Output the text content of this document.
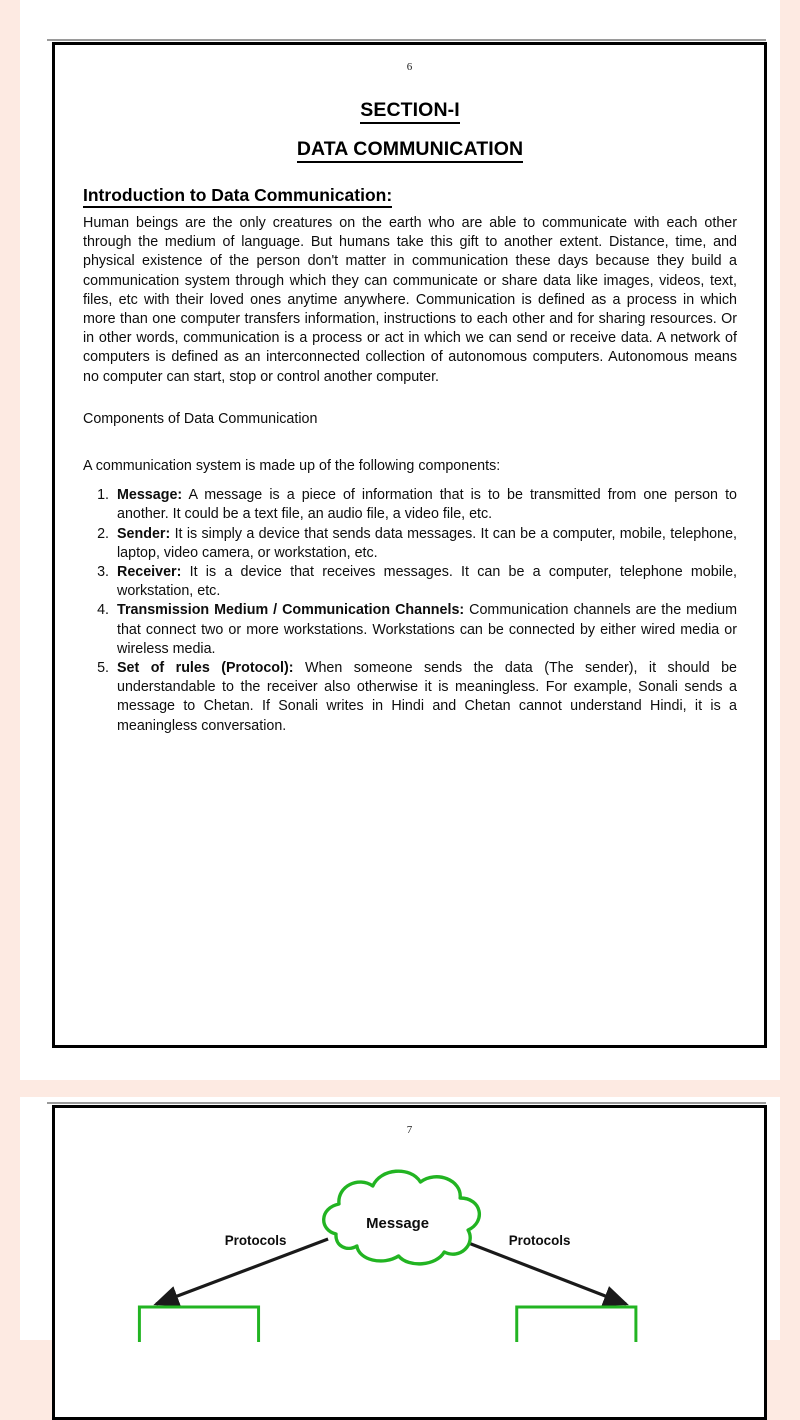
6
SECTION-I
DATA COMMUNICATION
Introduction to Data Communication:

Human beings are the only creatures on the earth who are able to communicate with each other through the medium of language. But humans take this gift to another extent. Distance, time, and physical existence of the person don't matter in communication these days because they build a communication system through which they can communicate or share data like images, videos, text, files, etc with their loved ones anytime anywhere. Communication is defined as a process in which more than one computer transfers information, instructions to each other and for sharing resources. Or in other words, communication is a process or act in which we can send or receive data. A network of computers is defined as an interconnected collection of autonomous computers. Autonomous means no computer can start, stop or control another computer.

Components of Data Communication

A communication system is made up of the following components:

1. Message: A message is a piece of information that is to be transmitted from one person to another. It could be a text file, an audio file, a video file, etc.
2. Sender: It is simply a device that sends data messages. It can be a computer, mobile, telephone, laptop, video camera, or workstation, etc.
3. Receiver: It is a device that receives messages. It can be a computer, telephone mobile, workstation, etc.
4. Transmission Medium / Communication Channels: Communication channels are the medium that connect two or more workstations. Workstations can be connected by either wired media or wireless media.
5. Set of rules (Protocol): When someone sends the data (The sender), it should be understandable to the receiver also otherwise it is meaningless. For example, Sonali sends a message to Chetan. If Sonali writes in Hindi and Chetan cannot understand Hindi, it is a meaningless conversation.
7
Message
Protocols	Protocols
